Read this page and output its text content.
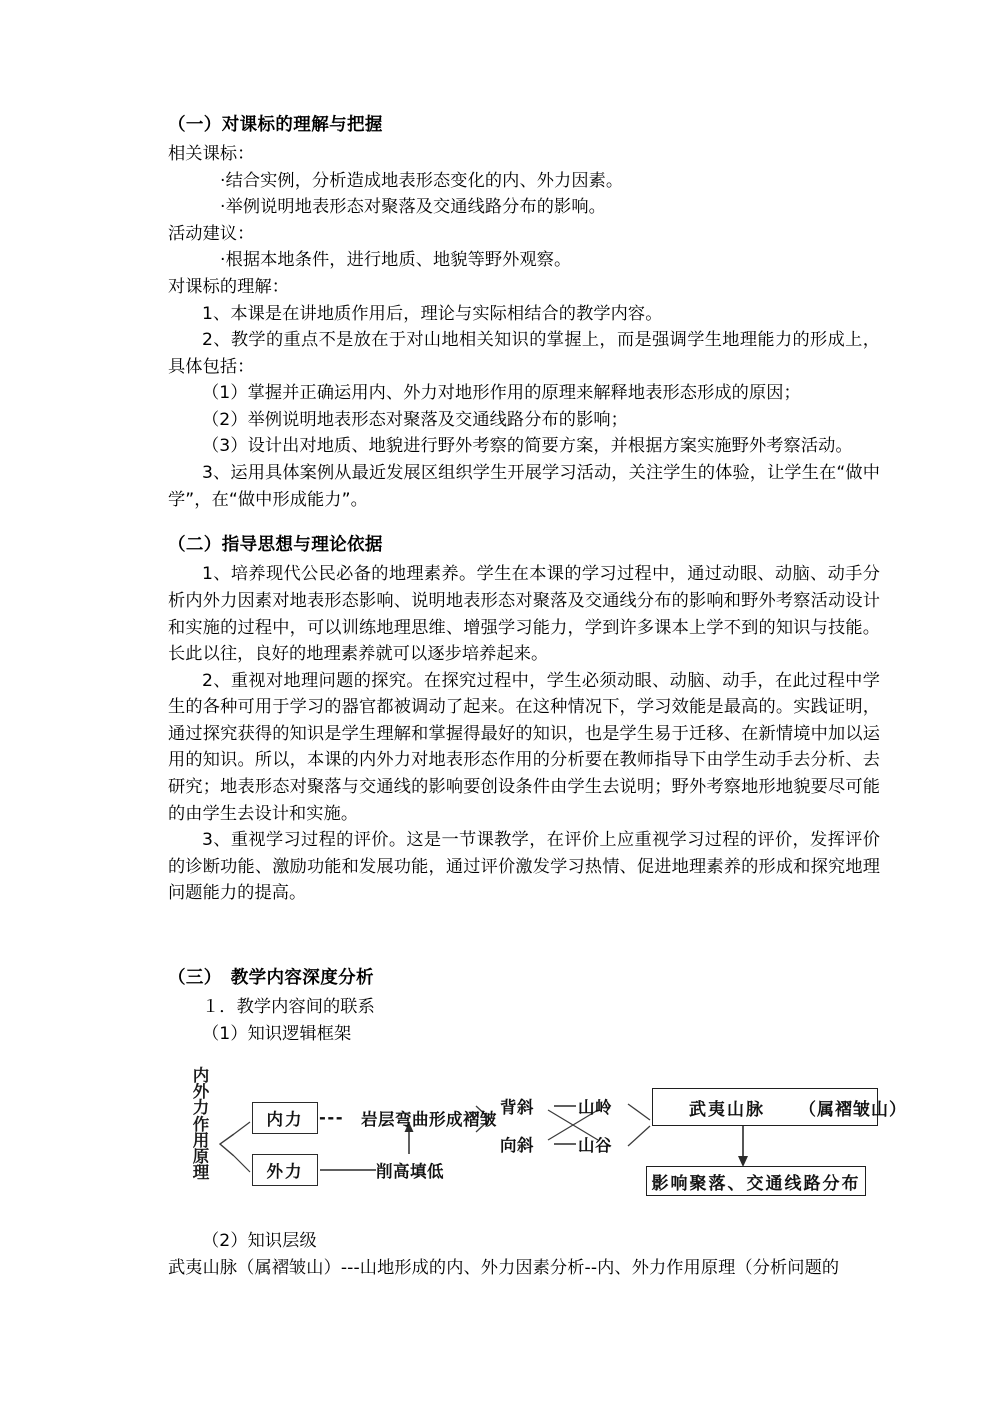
（一）对课标的理解与把握

相关课标：

·结合实例，分析造成地表形态变化的内、外力因素。

·举例说明地表形态对聚落及交通线路分布的影响。

活动建议：

·根据本地条件，进行地质、地貌等野外观察。

对课标的理解：

1、本课是在讲地质作用后，理论与实际相结合的教学内容。

2、教学的重点不是放在于对山地相关知识的掌握上，而是强调学生地理能力的形成上，具体包括：

（1）掌握并正确运用内、外力对地形作用的原理来解释地表形态形成的原因；

（2）举例说明地表形态对聚落及交通线路分布的影响；

（3）设计出对地质、地貌进行野外考察的简要方案，并根据方案实施野外考察活动。

3、运用具体案例从最近发展区组织学生开展学习活动，关注学生的体验，让学生在“做中学”，在“做中形成能力”。

（二）指导思想与理论依据

1、培养现代公民必备的地理素养。学生在本课的学习过程中，通过动眼、动脑、动手分析内外力因素对地表形态影响、说明地表形态对聚落及交通线分布的影响和野外考察活动设计和实施的过程中，可以训练地理思维、增强学习能力，学到许多课本上学不到的知识与技能。长此以往，良好的地理素养就可以逐步培养起来。

2、重视对地理问题的探究。在探究过程中，学生必须动眼、动脑、动手，在此过程中学生的各种可用于学习的器官都被调动了起来。在这种情况下，学习效能是最高的。实践证明，通过探究获得的知识是学生理解和掌握得最好的知识，也是学生易于迁移、在新情境中加以运用的知识。所以，本课的内外力对地表形态作用的分析要在教师指导下由学生动手去分析、去研究；地表形态对聚落与交通线的影响要创设条件由学生去说明；野外考察地形地貌要尽可能的由学生去设计和实施。

3、重视学习过程的评价。这是一节课教学，在评价上应重视学习过程的评价，发挥评价的诊断功能、激励功能和发展功能，通过评价激发学习热情、促进地理素养的形成和探究地理问题能力的提高。

（三） 教学内容深度分析

１．教学内容间的联系

（1）知识逻辑框架

内
外
力
作
用
原
理
内力
外力
--- 岩层弯曲形成褶皱
削高填低
背斜
向斜
山岭
山谷
武夷山脉	（属褶皱山）
影响聚落、交通线路分布

（2）知识层级

武夷山脉（属褶皱山）---山地形成的内、外力因素分析--内、外力作用原理（分析问题的
